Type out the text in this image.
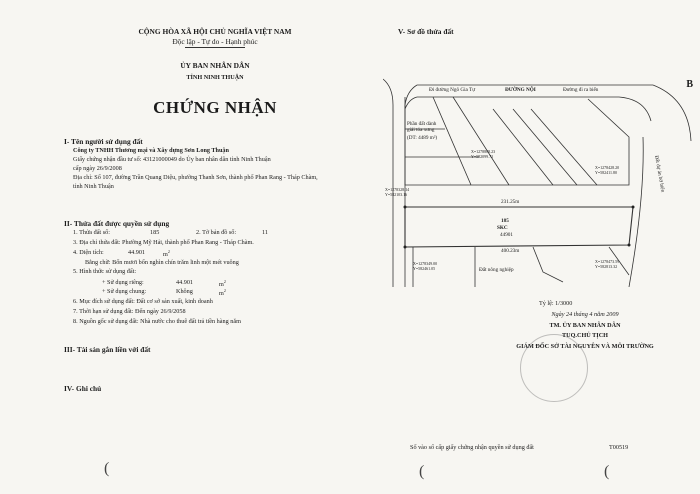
CỘNG HÒA XÃ HỘI CHỦ NGHĨA VIỆT NAM
Độc lập - Tự do - Hạnh phúc
ỦY BAN NHÂN DÂN
TỈNH NINH THUẬN
CHỨNG NHẬN
I- Tên người sử dụng đất
Công ty TNHH Thương mại và Xây dựng Sơn Long Thuận
Giấy chứng nhận đầu tư số: 43121000049 do Ủy ban nhân dân tỉnh Ninh Thuận
cấp ngày 26/9/2008
Địa chỉ: Số 107, đường Trần Quang Diệu, phường Thanh Sơn, thành phố Phan Rang - Tháp Chàm,
tỉnh Ninh Thuận
II- Thửa đất được quyền sử dụng
1. Thửa đất số:	185	2. Tờ bản đồ số:	11
3. Địa chỉ thửa đất: Phường Mỹ Hải, thành phố Phan Rang - Tháp Chàm.
4. Diện tích:	44.901	$m^2$
Bằng chữ: Bốn mươi bốn nghìn chín trăm linh một mét vuông
5. Hình thức sử dụng đất:
+ Sử dụng riêng:	44.901	$m^2$
+ Sử dụng chung:	Không	$m^2$
6. Mục đích sử dụng đất: Đất cơ sở sản xuất, kinh doanh
7. Thời hạn sử dụng đất: Đến ngày 26/9/2058
8. Nguồn gốc sử dụng đất: Nhà nước cho thuê đất trả tiền hàng năm
III- Tài sản gắn liền với đất
IV- Ghi chú
(
V- Sơ đồ thửa đất
B
Đi đường Ngô Gia Tự	ĐƯỜNG NỘI	Đường đi ra biển
Phần đất dành giải tỏa xưng
(DT: 4489 m²)
185
SKC
44901
Đất nông nghiệp
Đất dự án bờ biển
231.25m
400.23m
X=1278328.14
Y=582103.16
X=1278808.23
Y=582099.72
X=1278428.20
Y=582411.80
X=1278349.00
Y=582461.05
X=1278473.59
Y=582813.32
Tỷ lệ: 1/3000
Ngày 24 tháng 4 năm 2009
TM. ỦY BAN NHÂN DÂN
TUQ.CHỦ TỊCH
GIÁM ĐỐC SỞ TÀI NGUYÊN VÀ MÔI TRƯỜNG
Số vào sổ cấp giấy chứng nhận quyền sử dụng đất	T00519
(	(
